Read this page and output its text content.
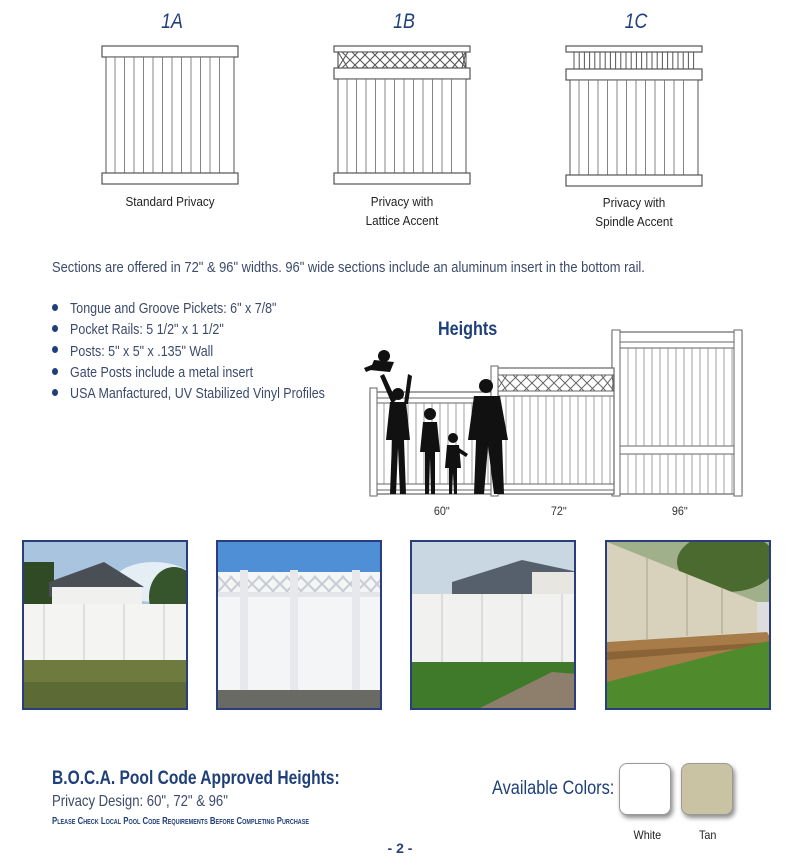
1A	1B	1C
Standard Privacy	Privacy with
Lattice Accent
Privacy with
Spindle Accent
Sections are offered in 72ʺ & 96ʺ widths. 96ʺ wide sections include an aluminum insert in the bottom rail.
Tongue and Groove Pickets: 6ʺ x 7/8ʺ
Pocket Rails: 5 1/2ʺ x 1 1/2ʺ
Posts: 5ʺ x 5ʺ x .135ʺ Wall
Gate Posts include a metal insert
USA Manfactured, UV Stabilized Vinyl Profiles
Heights
60ʺ	72ʺ	96ʺ
B.O.C.A. Pool Code Approved Heights:
Privacy Design: 60ʺ, 72ʺ & 96ʺ
Please Check Local Pool Code Requirements Before Completing Purchase
Available Colors:
White	Tan
- 2 -
